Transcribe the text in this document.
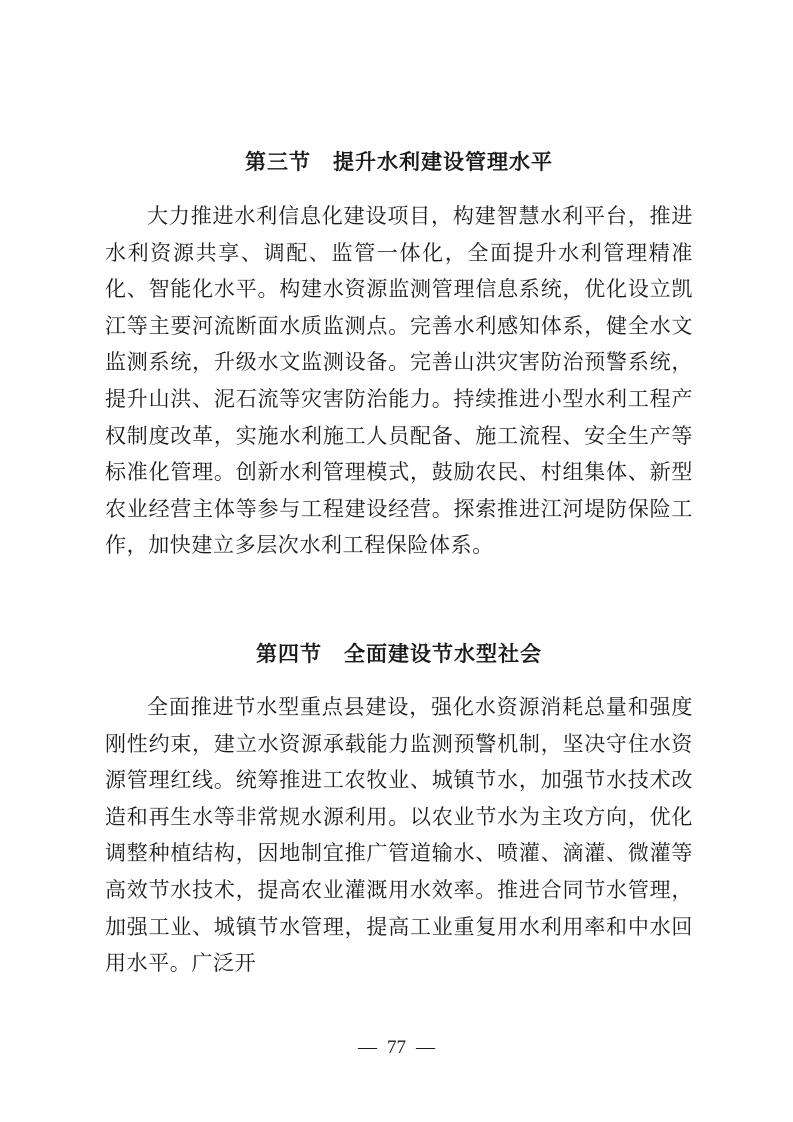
第三节 提升水利建设管理水平

大力推进水利信息化建设项目，构建智慧水利平台，推进水利资源共享、调配、监管一体化，全面提升水利管理精准化、智能化水平。构建水资源监测管理信息系统，优化设立凯江等主要河流断面水质监测点。完善水利感知体系，健全水文监测系统，升级水文监测设备。完善山洪灾害防治预警系统，提升山洪、泥石流等灾害防治能力。持续推进小型水利工程产权制度改革，实施水利施工人员配备、施工流程、安全生产等标准化管理。创新水利管理模式，鼓励农民、村组集体、新型农业经营主体等参与工程建设经营。探索推进江河堤防保险工作，加快建立多层次水利工程保险体系。

第四节 全面建设节水型社会

全面推进节水型重点县建设，强化水资源消耗总量和强度刚性约束，建立水资源承载能力监测预警机制，坚决守住水资源管理红线。统筹推进工农牧业、城镇节水，加强节水技术改造和再生水等非常规水源利用。以农业节水为主攻方向，优化调整种植结构，因地制宜推广管道输水、喷灌、滴灌、微灌等高效节水技术，提高农业灌溉用水效率。推进合同节水管理，加强工业、城镇节水管理，提高工业重复用水利用率和中水回用水平。广泛开

— 77 —
